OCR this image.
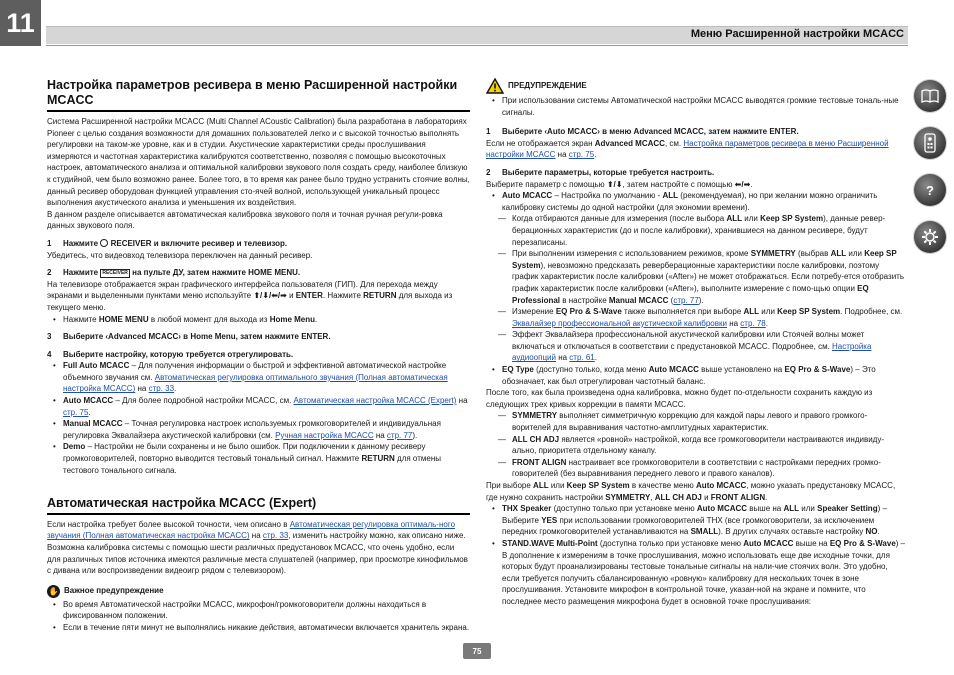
11	Меню Расширенной настройки MCACC
Настройка параметров ресивера в меню Расширенной настройки MCACC

Система Расширенной настройки MCACC (Multi Channel ACoustic Calibration) была разработана в лабораториях Pioneer с целью создания возможности для домашних пользователей легко и с высокой точностью выполнять регулировки на таком-же уровне, как и в студии. Акустические характеристики среды прослушивания измеряются и частотная характеристика калибруются соответственно, позволяя с помощью высокоточных настроек, автоматического анализа и оптимальной калибровки звукового поля создать среду, наиболее близкую к студийной, чем было возможно ранее. Более того, в то время как ранее было трудно устранить стоячие волны, данный ресивер оборудован функцией управления сто-ячей волной, использующей уникальный процесс выполнения акустического анализа и уменьшения их воздействия.

В данном разделе описывается автоматическая калибровка звукового поля и точная ручная регули-ровка данных звукового поля.

1 Нажмите RECEIVER и включите ресивер и телевизор.

Убедитесь, что видеовход телевизора переключен на данный ресивер.

2 Нажмите RECEIVER на пульте ДУ, затем нажмите HOME MENU.

На телевизоре отображается экран графического интерфейса пользователя (ГИП). Для перехода между экранами и выделенными пунктами меню используйте ⬆/⬇/⬅/➡ и ENTER. Нажмите RETURN для выхода из текущего меню.

• Нажмите HOME MENU в любой момент для выхода из Home Menu.
3 Выберите ‹Advanced MCACC› в Home Menu, затем нажмите ENTER.
4 Выберите настройку, которую требуется отрегулировать.
• Full Auto MCACC – Для получения информации о быстрой и эффективной автоматической настройке объемного звучания см. Автоматическая регулировка оптимального звучания (Полная автоматическая настройка MCACC) на стр. 33.
• Auto MCACC – Для более подробной настройки MCACC, см. Автоматическая настройка MCACC (Expert) на стр. 75.
• Manual MCACC – Точная регулировка настроек используемых громкоговорителей и индивидуальная регулировка Эквалайзера акустической калибровки (см. Ручная настройка MCACC на стр. 77).
• Demo – Настройки не были сохранены и не было ошибок. При подключении к данному ресиверу громкоговорителей, повторно выводится тестовый тональный сигнал. Нажмите RETURN для отмены тестового тонального сигнала.
Автоматическая настройка MCACC (Expert)

Если настройка требует более высокой точности, чем описано в Автоматическая регулировка оптималь-ного звучания (Полная автоматическая настройка MCACC) на стр. 33, изменить настройку можно, как описано ниже. Возможна калибровка системы с помощью шести различных предустановок MCACC, что очень удобно, если для различных типов источника имеются различные места слушателей (например, при просмотре кинофильмов с дивана или воспроизведении видеоигр рядом с телевизором).

✋ Важное предупреждение
• Во время Автоматической настройки MCACC, микрофон/громкоговорители должны находиться в фиксированном положении.
• Если в течение пяти минут не выполнялись никакие действия, автоматически включается хранитель экрана.
ПРЕДУПРЕЖДЕНИЕ
• При использовании системы Автоматической настройки MCACC выводятся громкие тестовые тональ-ные сигналы.
1 Выберите ‹Auto MCACC› в меню Advanced MCACC, затем нажмите ENTER.

Если не отображается экран Advanced MCACC, см. Настройка параметров ресивера в меню Расширенной настройки MCACC на стр. 75.

2 Выберите параметры, которые требуется настроить.

Выберите параметр с помощью ⬆/⬇, затем настройте с помощью ⬅/➡.

• Auto MCACC – Настройка по умолчанию - ALL (рекомендуемая), но при желании можно ограничить калибровку системы до одной настройки (для экономии времени).
— Когда отбираются данные для измерения (после выбора ALL или Keep SP System), данные ревер-берационных характеристик (до и после калибровки), хранившиеся на данном ресивере, будут перезаписаны.
— При выполнении измерения с использованием режимов, кроме SYMMETRY (выбрав ALL или Keep SP System), невозможно предсказать реверберационные характеристики после калибровки, поэтому график характеристик после калибровки («After») не может отображаться. Если потребу-ется отобразить график характеристик после калибровки («After»), выполните измерение с помо-щью опции EQ Professional в настройке Manual MCACC (стр. 77).
— Измерение EQ Pro & S-Wave также выполняется при выборе ALL или Keep SP System. Подробнее, см. Эквалайзер профессиональной акустической калибровки на стр. 78.
— Эффект Эквалайзера профессиональной акустической калибровки или Стоячей волны может включаться и отключаться в соответствии с предустановкой MCACC. Подробнее, см. Настройка аудиоопций на стр. 61.
• EQ Type (доступно только, когда меню Auto MCACC выше установлено на EQ Pro & S-Wave) – Это обозначает, как был отрегулирован частотный баланс.

После того, как была произведена одна калибровка, можно будет по-отдельности сохранить каждую из следующих трех кривых коррекции в памяти MCACC.

— SYMMETRY выполняет симметричную коррекцию для каждой пары левого и правого громкого-ворителей для выравнивания частотно-амплитудных характеристик.
— ALL CH ADJ является «ровной» настройкой, когда все громкоговорители настраиваются индивиду-ально, приоритета отдельному каналу.
— FRONT ALIGN настраивает все громкоговорители в соответствии с настройками передних громко-говорителей (без выравнивания переднего левого и правого каналов).

При выборе ALL или Keep SP System в качестве меню Auto MCACC, можно указать предустановку MCACC, где нужно сохранить настройки SYMMETRY, ALL CH ADJ и FRONT ALIGN.

• THX Speaker (доступно только при установке меню Auto MCACC выше на ALL или Speaker Setting) – Выберите YES при использовании громкоговорителей THX (все громкоговорители, за исключением передних громкоговорителей устанавливаются на SMALL). В других случаях оставьте настройку NO.
• STAND.WAVE Multi-Point (доступна только при установке меню Auto MCACC выше на EQ Pro & S-Wave) – В дополнение к измерениям в точке прослушивания, можно использовать еще две исходные точки, для которых будут проанализированы тестовые тональные сигналы на нали-чие стоячих волн. Это удобно, если требуется получить сбалансированную «ровную» калибровку для нескольких точек в зоне прослушивания. Установите микрофон в контрольной точке, указан-ной на экране и помните, что последнее место размещения микрофона будет в основной точке прослушивания:
?
75
